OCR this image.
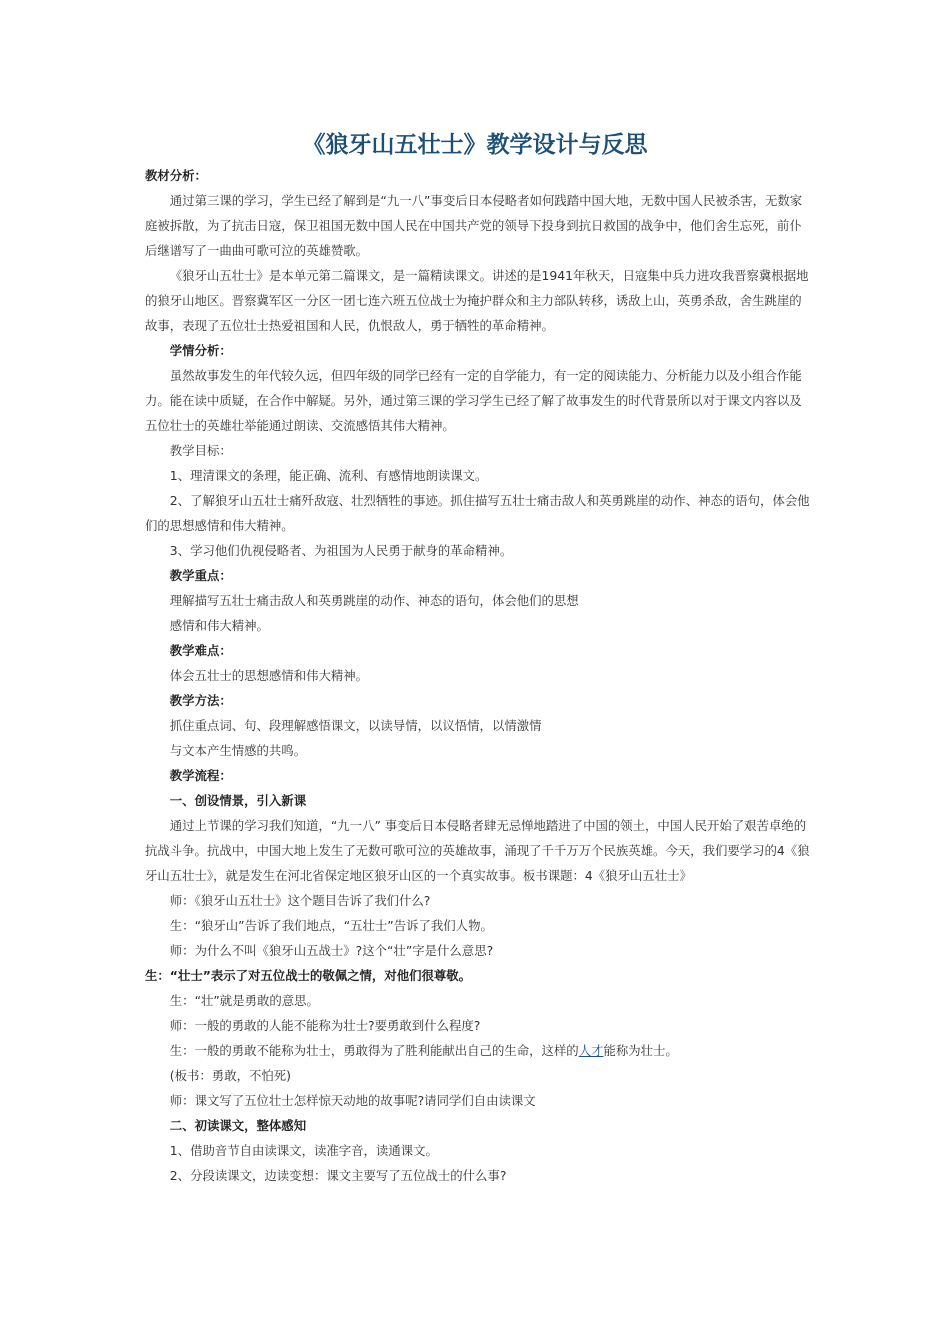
《狼牙山五壮士》教学设计与反思

教材分析：

通过第三课的学习，学生已经了解到是“九一八”事变后日本侵略者如何践踏中国大地，无数中国人民被杀害，无数家庭被拆散，为了抗击日寇，保卫祖国无数中国人民在中国共产党的领导下投身到抗日救国的战争中，他们舍生忘死，前仆后继谱写了一曲曲可歌可泣的英雄赞歌。

《狼牙山五壮士》是本单元第二篇课文，是一篇精读课文。讲述的是1941年秋天，日寇集中兵力进攻我晋察冀根据地的狼牙山地区。晋察冀军区一分区一团七连六班五位战士为掩护群众和主力部队转移，诱敌上山，英勇杀敌，舍生跳崖的故事，表现了五位壮士热爱祖国和人民，仇恨敌人，勇于牺牲的革命精神。

学情分析：

虽然故事发生的年代较久远，但四年级的同学已经有一定的自学能力，有一定的阅读能力、分析能力以及小组合作能力。能在读中质疑，在合作中解疑。另外，通过第三课的学习学生已经了解了故事发生的时代背景所以对于课文内容以及五位壮士的英雄壮举能通过朗读、交流感悟其伟大精神。

教学目标：

1、理清课文的条理，能正确、流利、有感情地朗读课文。

2、了解狼牙山五壮士痛歼敌寇、壮烈牺牲的事迹。抓住描写五壮士痛击敌人和英勇跳崖的动作、神态的语句，体会他们的思想感情和伟大精神。

3、学习他们仇视侵略者、为祖国为人民勇于献身的革命精神。

教学重点：

理解描写五壮士痛击敌人和英勇跳崖的动作、神态的语句，体会他们的思想

感情和伟大精神。

教学难点：

体会五壮士的思想感情和伟大精神。

教学方法：

抓住重点词、句、段理解感悟课文，以读导情，以议悟情，以情激情

与文本产生情感的共鸣。

教学流程：

一、创设情景，引入新课

通过上节课的学习我们知道，“九一八” 事变后日本侵略者肆无忌惮地踏进了中国的领土，中国人民开始了艰苦卓绝的抗战斗争。抗战中，中国大地上发生了无数可歌可泣的英雄故事，涌现了千千万万个民族英雄。今天，我们要学习的4《狼牙山五壮士》，就是发生在河北省保定地区狼牙山区的一个真实故事。板书课题：4《狼牙山五壮士》

师：《狼牙山五壮士》这个题目告诉了我们什么?

生：“狼牙山”告诉了我们地点，“五壮士”告诉了我们人物。

师：为什么不叫《狼牙山五战士》?这个“壮”字是什么意思?

生：“壮士”表示了对五位战士的敬佩之情，对他们很尊敬。

生：“壮”就是勇敢的意思。

师：一般的勇敢的人能不能称为壮士?要勇敢到什么程度?

生：一般的勇敢不能称为壮士，勇敢得为了胜利能献出自己的生命，这样的人才能称为壮士。

(板书：勇敢，不怕死)

师：课文写了五位壮士怎样惊天动地的故事呢?请同学们自由读课文

二、初读课文，整体感知

1、借助音节自由读课文，读准字音，读通课文。

2、分段读课文，边读变想：课文主要写了五位战士的什么事?
